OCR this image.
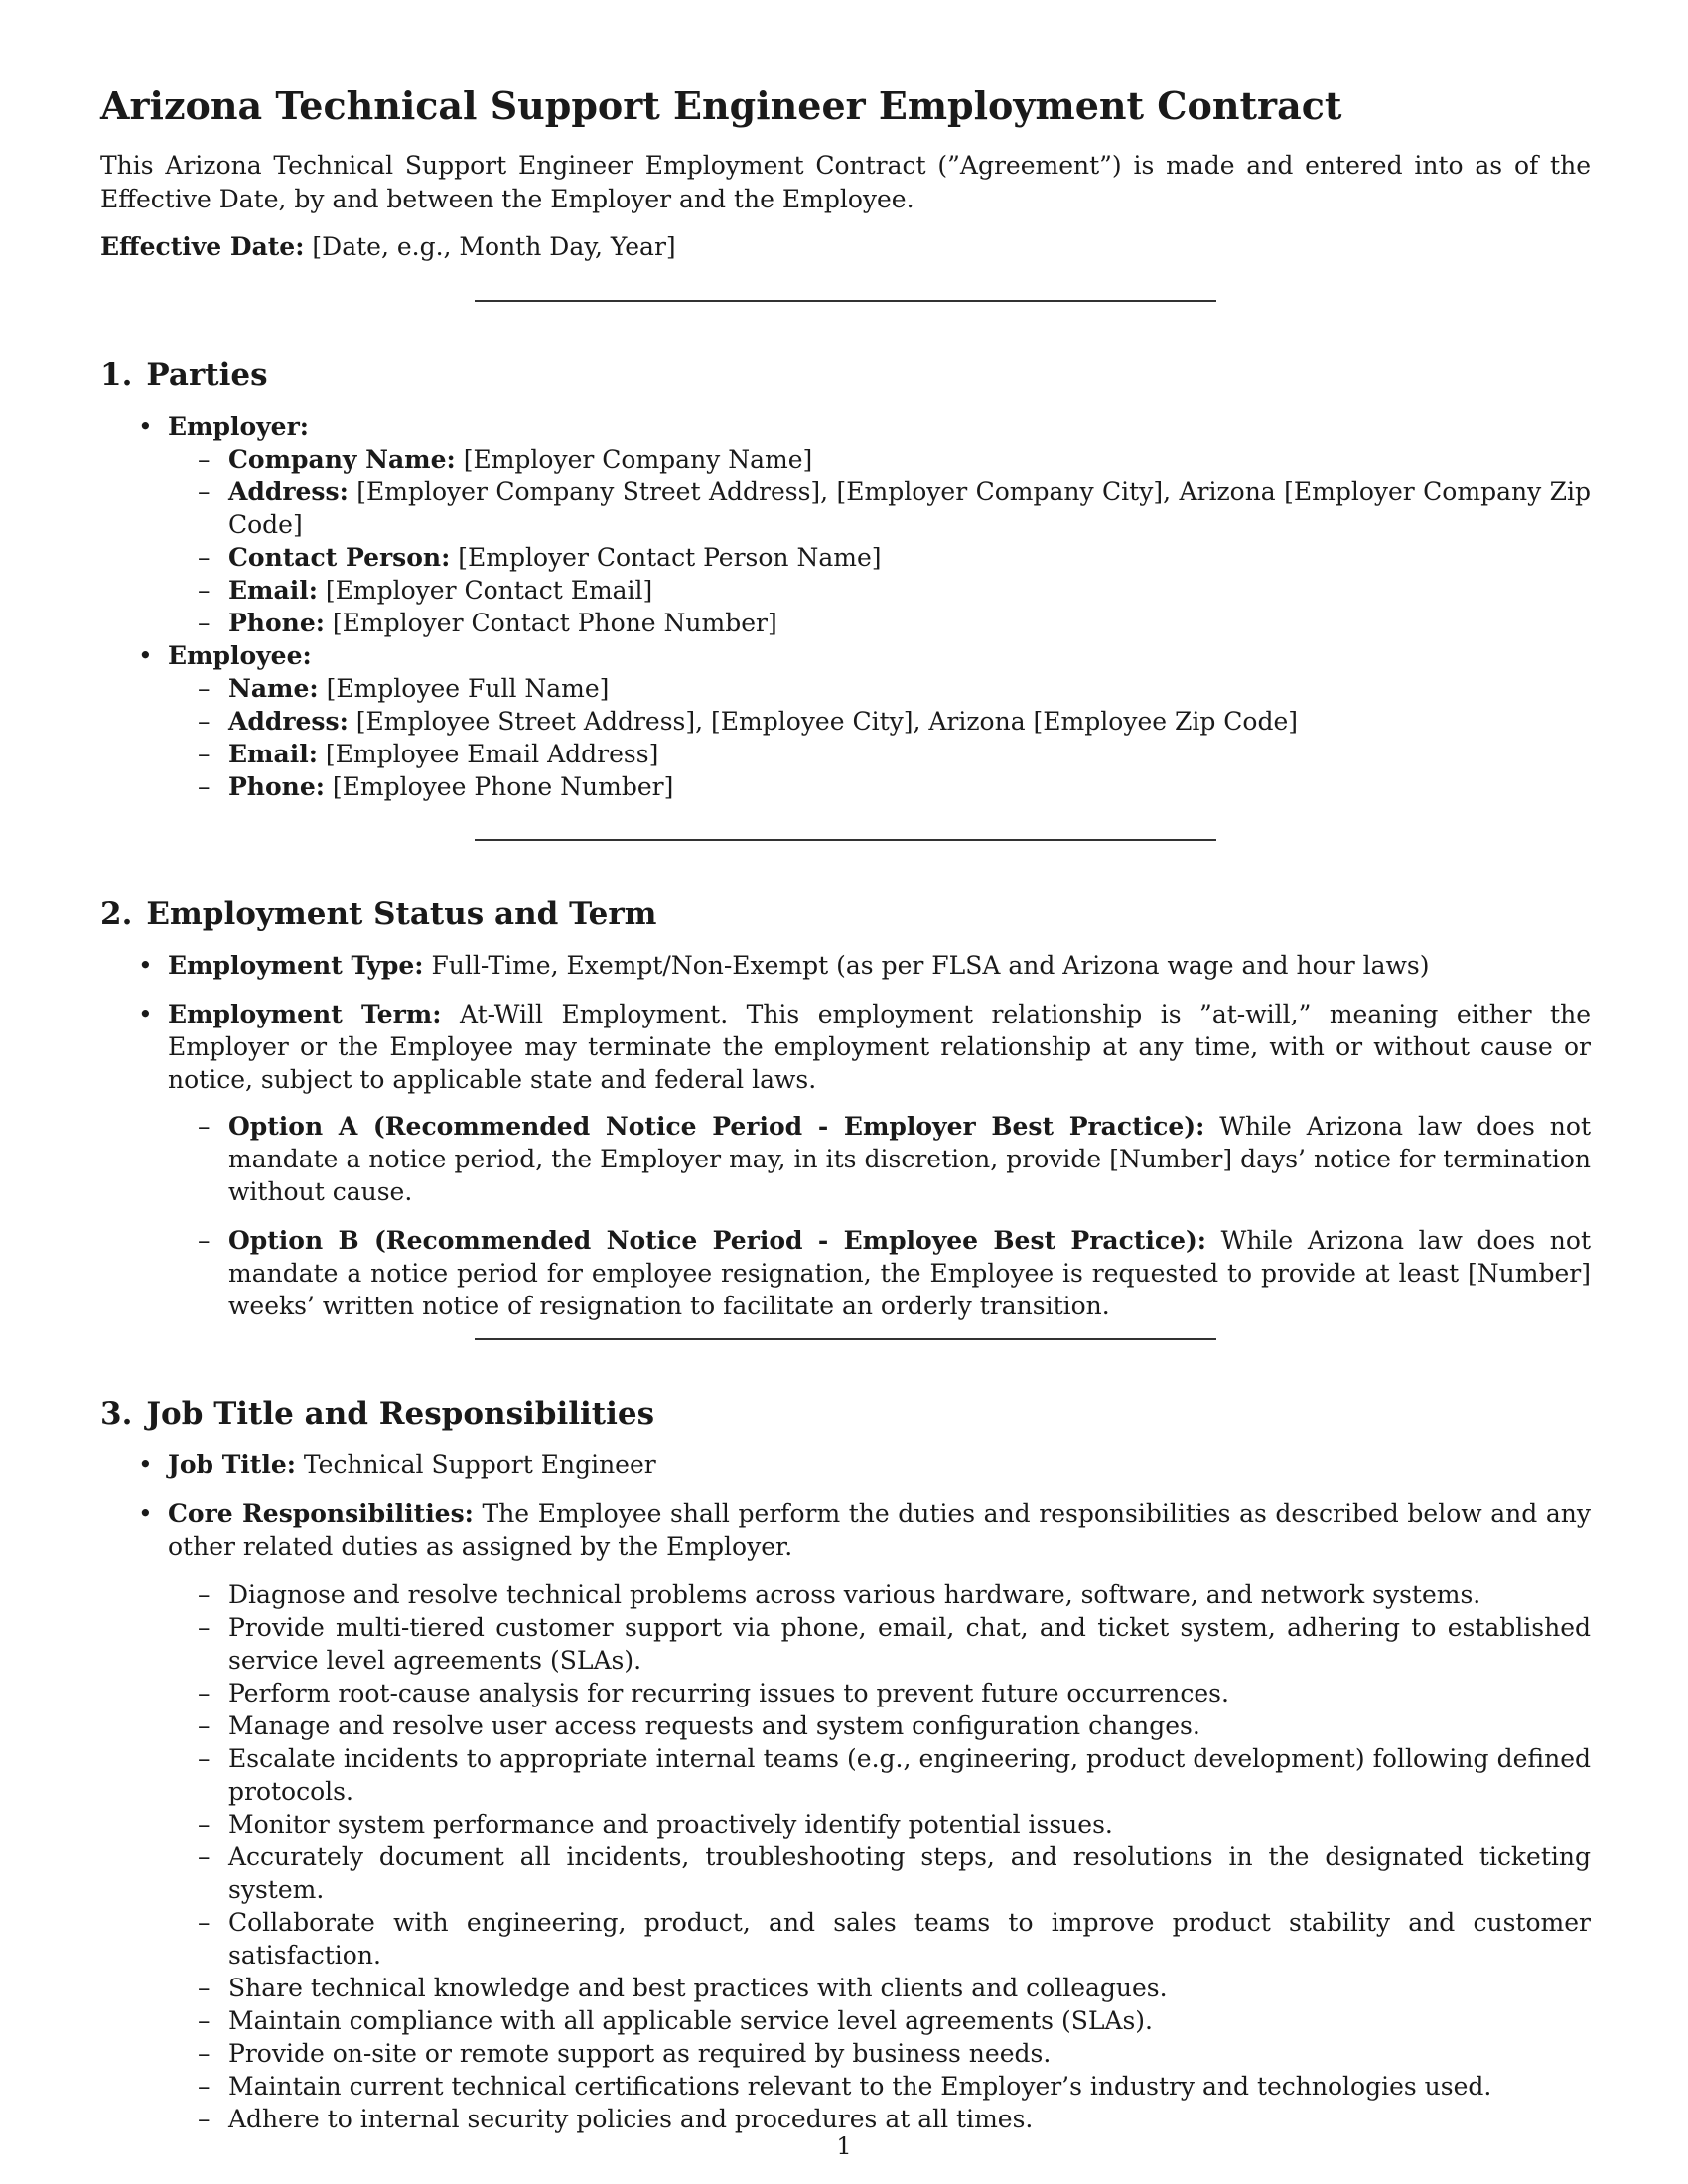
Arizona Technical Support Engineer Employment Contract

This Arizona Technical Support Engineer Employment Contract (”Agreement”) is made and entered into as of the Effective Date, by and between the Employer and the Employee.

Effective Date: [Date, e.g., Month Day, Year]

1. Parties
• Employer:
– Company Name: [Employer Company Name]
– Address: [Employer Company Street Address], [Employer Company City], Arizona [Employer Company Zip Code]
– Contact Person: [Employer Contact Person Name]
– Email: [Employer Contact Email]
– Phone: [Employer Contact Phone Number]
• Employee:
– Name: [Employee Full Name]
– Address: [Employee Street Address], [Employee City], Arizona [Employee Zip Code]
– Email: [Employee Email Address]
– Phone: [Employee Phone Number]
2. Employment Status and Term
• Employment Type: Full-Time, Exempt/Non-Exempt (as per FLSA and Arizona wage and hour laws)
• Employment Term: At-Will Employment. This employment relationship is ”at-will,” meaning either the Employer or the Employee may terminate the employment relationship at any time, with or without cause or notice, subject to applicable state and federal laws.
– Option A (Recommended Notice Period - Employer Best Practice): While Arizona law does not mandate a notice period, the Employer may, in its discretion, provide [Number] days’ notice for termination without cause.
– Option B (Recommended Notice Period - Employee Best Practice): While Arizona law does not mandate a notice period for employee resignation, the Employee is requested to provide at least [Number] weeks’ written notice of resignation to facilitate an orderly transition.
3. Job Title and Responsibilities
• Job Title: Technical Support Engineer
• Core Responsibilities: The Employee shall perform the duties and responsibilities as described below and any other related duties as assigned by the Employer.
– Diagnose and resolve technical problems across various hardware, software, and network systems.
– Provide multi-tiered customer support via phone, email, chat, and ticket system, adhering to established service level agreements (SLAs).
– Perform root-cause analysis for recurring issues to prevent future occurrences.
– Manage and resolve user access requests and system configuration changes.
– Escalate incidents to appropriate internal teams (e.g., engineering, product development) following defined protocols.
– Monitor system performance and proactively identify potential issues.
– Accurately document all incidents, troubleshooting steps, and resolutions in the designated ticketing system.
– Collaborate with engineering, product, and sales teams to improve product stability and customer satisfaction.
– Share technical knowledge and best practices with clients and colleagues.
– Maintain compliance with all applicable service level agreements (SLAs).
– Provide on-site or remote support as required by business needs.
– Maintain current technical certifications relevant to the Employer’s industry and technologies used.
– Adhere to internal security policies and procedures at all times.
1
